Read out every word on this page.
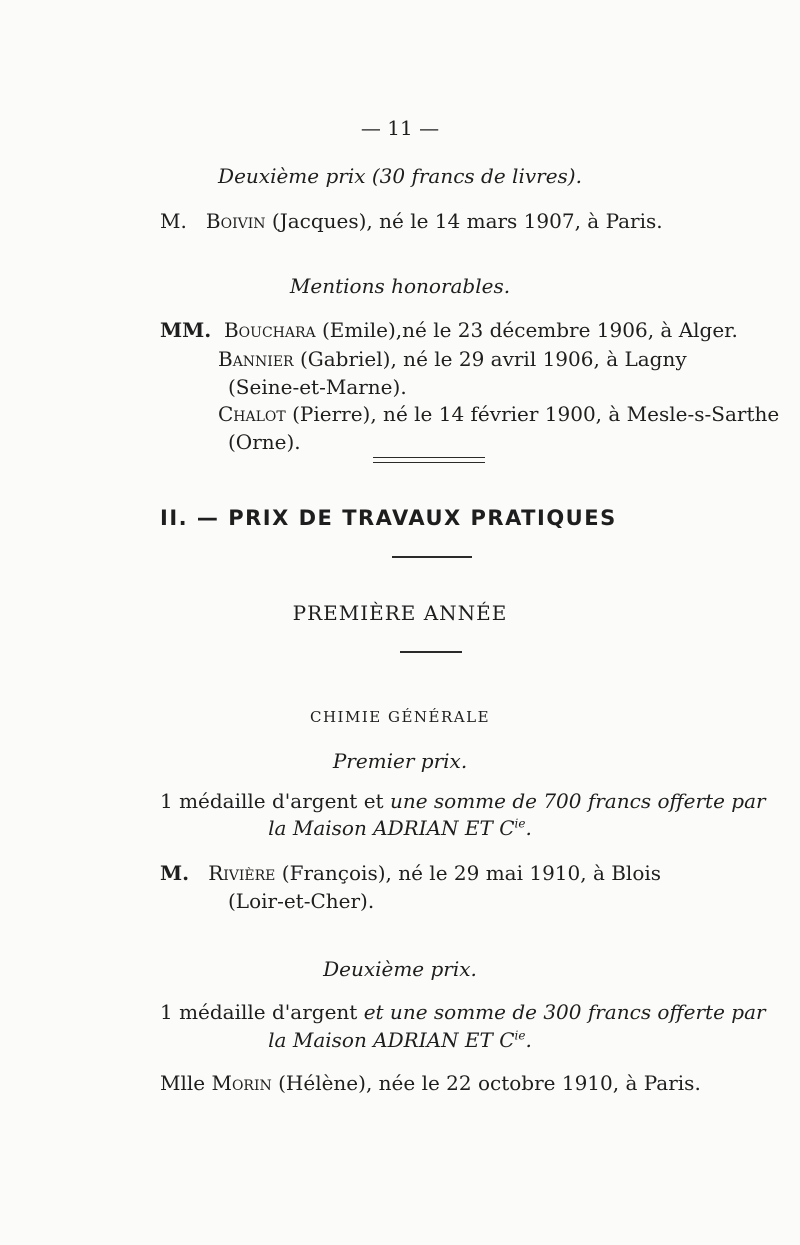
— 11 —
Deuxième prix (30 francs de livres).
M. Boivin (Jacques), né le 14 mars 1907, à Paris.
Mentions honorables.
MM. Bouchara (Emile),né le 23 décembre 1906, à Alger.
Bannier (Gabriel), né le 29 avril 1906, à Lagny
(Seine-et-Marne).
Chalot (Pierre), né le 14 février 1900, à Mesle-s-Sarthe
(Orne).
II. — PRIX DE TRAVAUX PRATIQUES
PREMIÈRE ANNÉE
CHIMIE GÉNÉRALE
Premier prix.
1 médaille d'argent et une somme de 700 francs offerte par
la Maison ADRIAN ET $C^{ie}$.
M. Rivière (François), né le 29 mai 1910, à Blois
(Loir-et-Cher).
Deuxième prix.
1 médaille d'argent et une somme de 300 francs offerte par
la Maison ADRIAN ET $C^{ie}$.
Mlle Morin (Hélène), née le 22 octobre 1910, à Paris.
